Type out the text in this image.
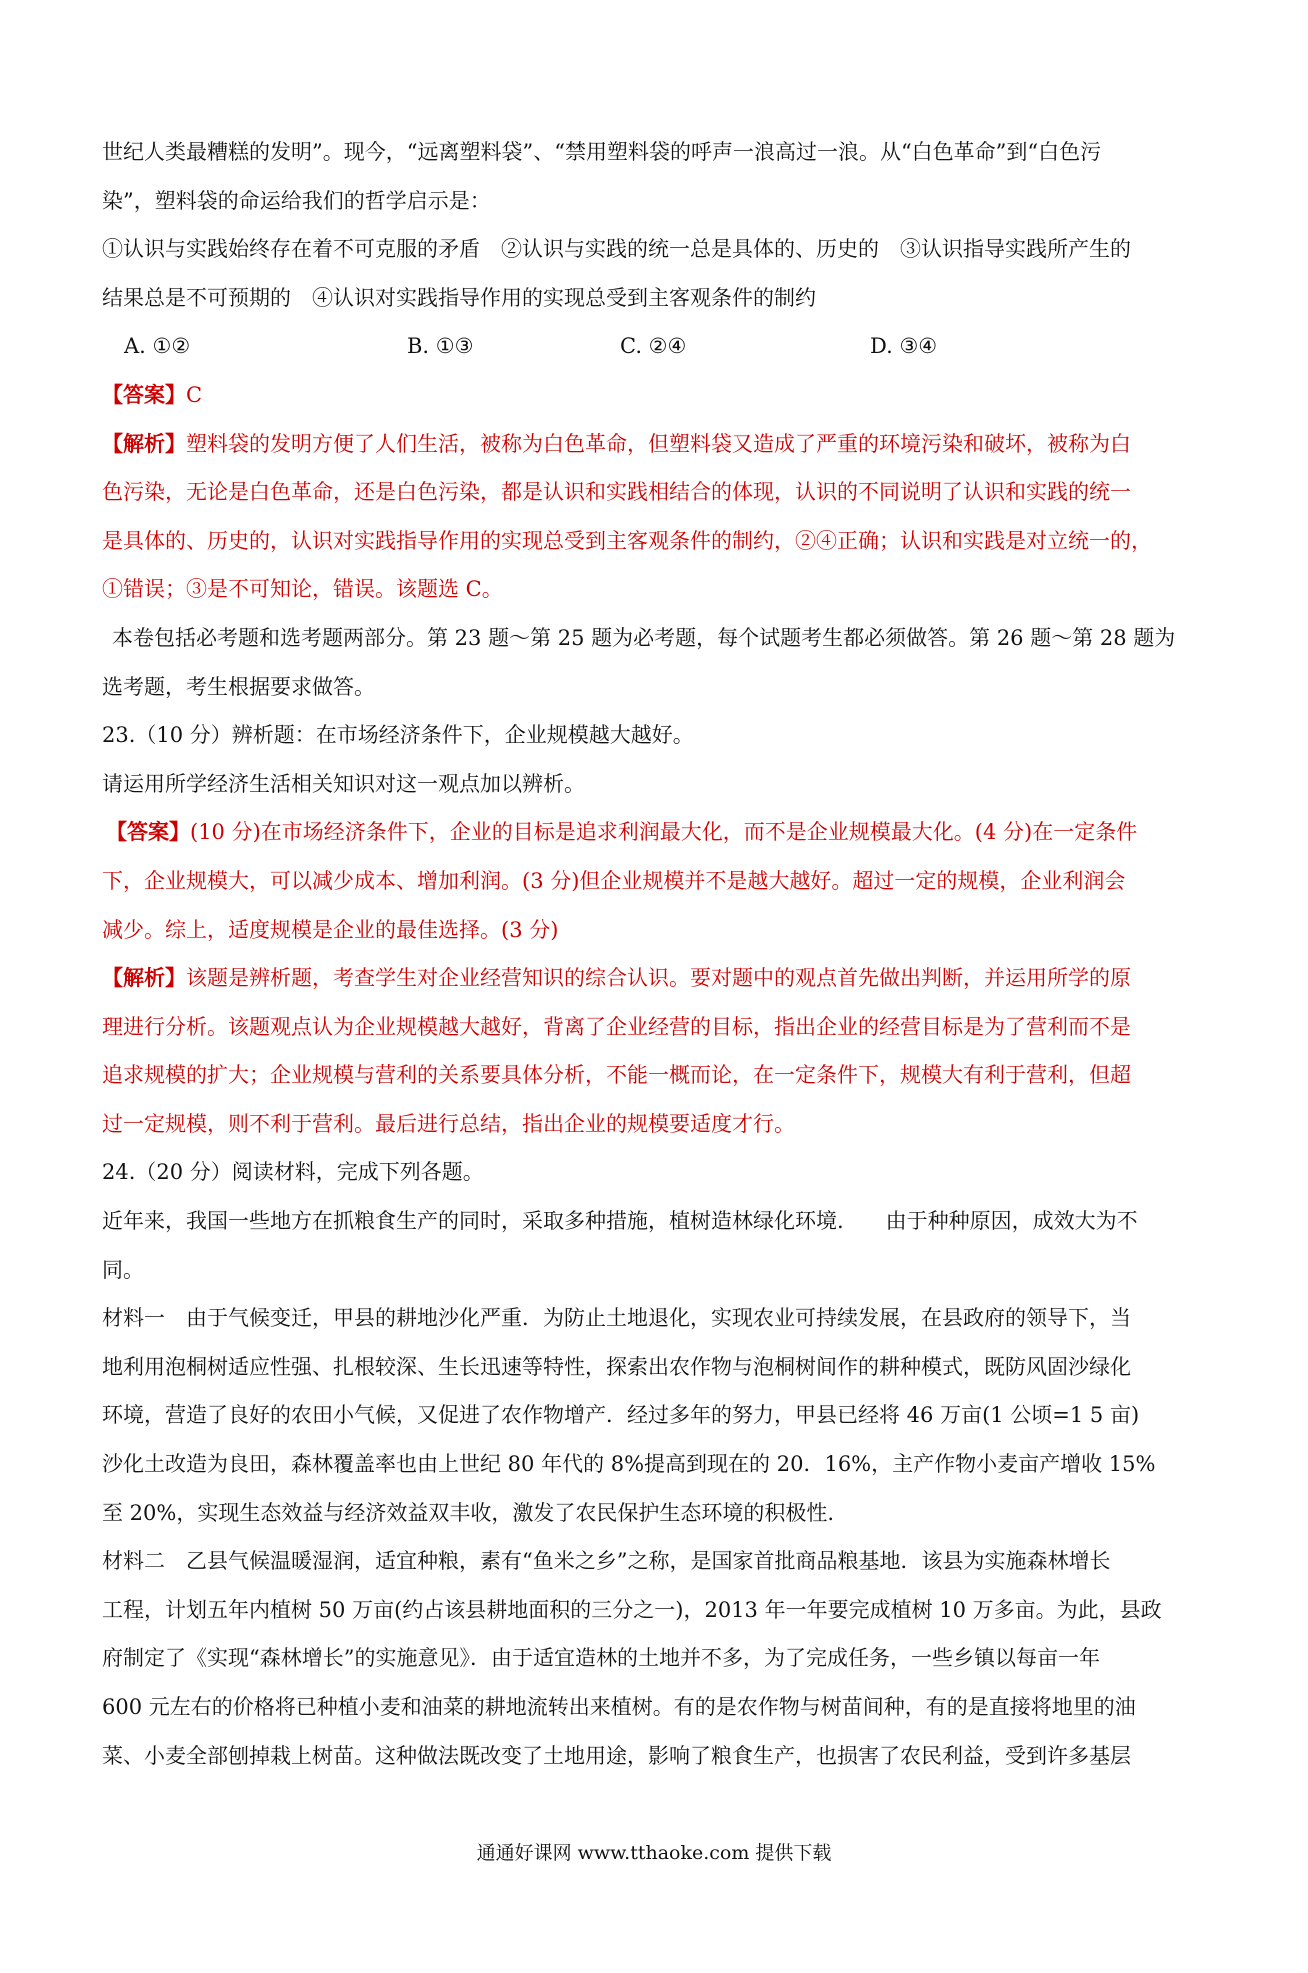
世纪人类最糟糕的发明”。现今，“远离塑料袋”、“禁用塑料袋的呼声一浪高过一浪。从“白色革命”到“白色污
染”，塑料袋的命运给我们的哲学启示是：
①认识与实践始终存在着不可克服的矛盾　②认识与实践的统一总是具体的、历史的　③认识指导实践所产生的
结果总是不可预期的　④认识对实践指导作用的实现总受到主客观条件的制约
A. ①②	B. ①③	C. ②④	D. ③④
【答案】C
【解析】塑料袋的发明方便了人们生活，被称为白色革命，但塑料袋又造成了严重的环境污染和破坏，被称为白
色污染，无论是白色革命，还是白色污染，都是认识和实践相结合的体现，认识的不同说明了认识和实践的统一
是具体的、历史的，认识对实践指导作用的实现总受到主客观条件的制约，②④正确；认识和实践是对立统一的，
①错误；③是不可知论，错误。该题选 C。
本卷包括必考题和选考题两部分。第 23 题～第 25 题为必考题，每个试题考生都必须做答。第 26 题～第 28 题为
选考题，考生根据要求做答。
23.（10 分）辨析题：在市场经济条件下，企业规模越大越好。
请运用所学经济生活相关知识对这一观点加以辨析。
【答案】(10 分)在市场经济条件下，企业的目标是追求利润最大化，而不是企业规模最大化。(4 分)在一定条件
下，企业规模大，可以减少成本、增加利润。(3 分)但企业规模并不是越大越好。超过一定的规模，企业利润会
减少。综上，适度规模是企业的最佳选择。(3 分)
【解析】该题是辨析题，考查学生对企业经营知识的综合认识。要对题中的观点首先做出判断，并运用所学的原
理进行分析。该题观点认为企业规模越大越好，背离了企业经营的目标，指出企业的经营目标是为了营利而不是
追求规模的扩大；企业规模与营利的关系要具体分析，不能一概而论，在一定条件下，规模大有利于营利，但超
过一定规模，则不利于营利。最后进行总结，指出企业的规模要适度才行。
24.（20 分）阅读材料，完成下列各题。
近年来，我国一些地方在抓粮食生产的同时，采取多种措施，植树造林绿化环境.　　由于种种原因，成效大为不
同。
材料一　由于气候变迁，甲县的耕地沙化严重．为防止土地退化，实现农业可持续发展，在县政府的领导下，当
地利用泡桐树适应性强、扎根较深、生长迅速等特性，探索出农作物与泡桐树间作的耕种模式，既防风固沙绿化
环境，营造了良好的农田小气候，又促进了农作物增产．经过多年的努力，甲县已经将 46 万亩(1 公顷=1 5 亩)
沙化土改造为良田，森林覆盖率也由上世纪 80 年代的 8%提高到现在的 20．16%，主产作物小麦亩产增收 15%
至 20%，实现生态效益与经济效益双丰收，激发了农民保护生态环境的积极性.
材料二　乙县气候温暖湿润，适宜种粮，素有“鱼米之乡”之称，是国家首批商品粮基地．该县为实施森林增长
工程，计划五年内植树 50 万亩(约占该县耕地面积的三分之一)，2013 年一年要完成植树 10 万多亩。为此，县政
府制定了《实现“森林增长”的实施意见》．由于适宜造林的土地并不多，为了完成任务，一些乡镇以每亩一年
600 元左右的价格将已种植小麦和油菜的耕地流转出来植树。有的是农作物与树苗间种，有的是直接将地里的油
菜、小麦全部刨掉栽上树苗。这种做法既改变了土地用途，影响了粮食生产，也损害了农民利益，受到许多基层
通通好课网 www.tthaoke.com 提供下载
